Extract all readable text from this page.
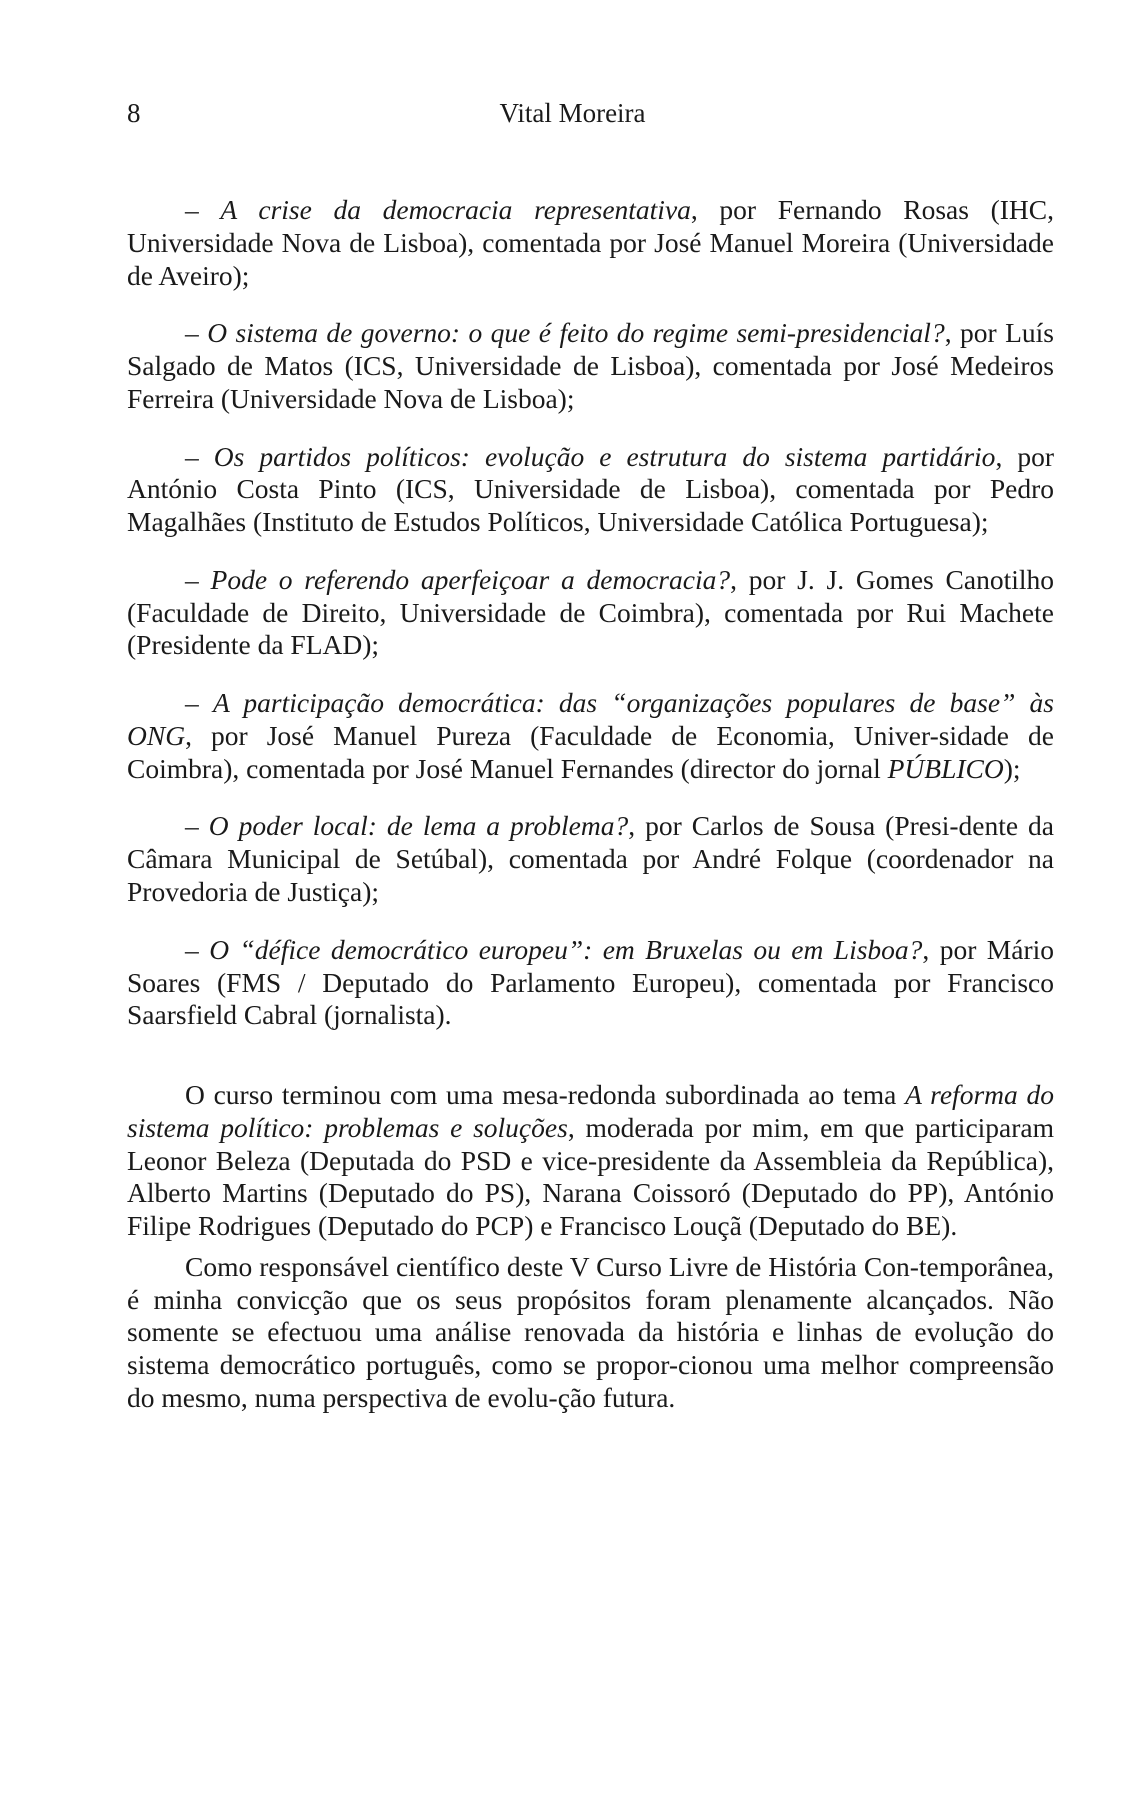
8	Vital Moreira

– A crise da democracia representativa, por Fernando Rosas (IHC, Universidade Nova de Lisboa), comentada por José Manuel Moreira (Universidade de Aveiro);

– O sistema de governo: o que é feito do regime semi-presidencial?, por Luís Salgado de Matos (ICS, Universidade de Lisboa), comentada por José Medeiros Ferreira (Universidade Nova de Lisboa);

– Os partidos políticos: evolução e estrutura do sistema partidário, por António Costa Pinto (ICS, Universidade de Lisboa), comentada por Pedro Magalhães (Instituto de Estudos Políticos, Universidade Católica Portuguesa);

– Pode o referendo aperfeiçoar a democracia?, por J. J. Gomes Canotilho (Faculdade de Direito, Universidade de Coimbra), comentada por Rui Machete (Presidente da FLAD);

– A participação democrática: das “organizações populares de base” às ONG, por José Manuel Pureza (Faculdade de Economia, Univer-sidade de Coimbra), comentada por José Manuel Fernandes (director do jornal PÚBLICO);

– O poder local: de lema a problema?, por Carlos de Sousa (Presi-dente da Câmara Municipal de Setúbal), comentada por André Folque (coordenador na Provedoria de Justiça);

– O “défice democrático europeu”: em Bruxelas ou em Lisboa?, por Mário Soares (FMS / Deputado do Parlamento Europeu), comentada por Francisco Saarsfield Cabral (jornalista).

O curso terminou com uma mesa-redonda subordinada ao tema A reforma do sistema político: problemas e soluções, moderada por mim, em que participaram Leonor Beleza (Deputada do PSD e vice-presidente da Assembleia da República), Alberto Martins (Deputado do PS), Narana Coissoró (Deputado do PP), António Filipe Rodrigues (Deputado do PCP) e Francisco Louçã (Deputado do BE).

Como responsável científico deste V Curso Livre de História Con-temporânea, é minha convicção que os seus propósitos foram plenamente alcançados. Não somente se efectuou uma análise renovada da história e linhas de evolução do sistema democrático português, como se propor-cionou uma melhor compreensão do mesmo, numa perspectiva de evolu-ção futura.
